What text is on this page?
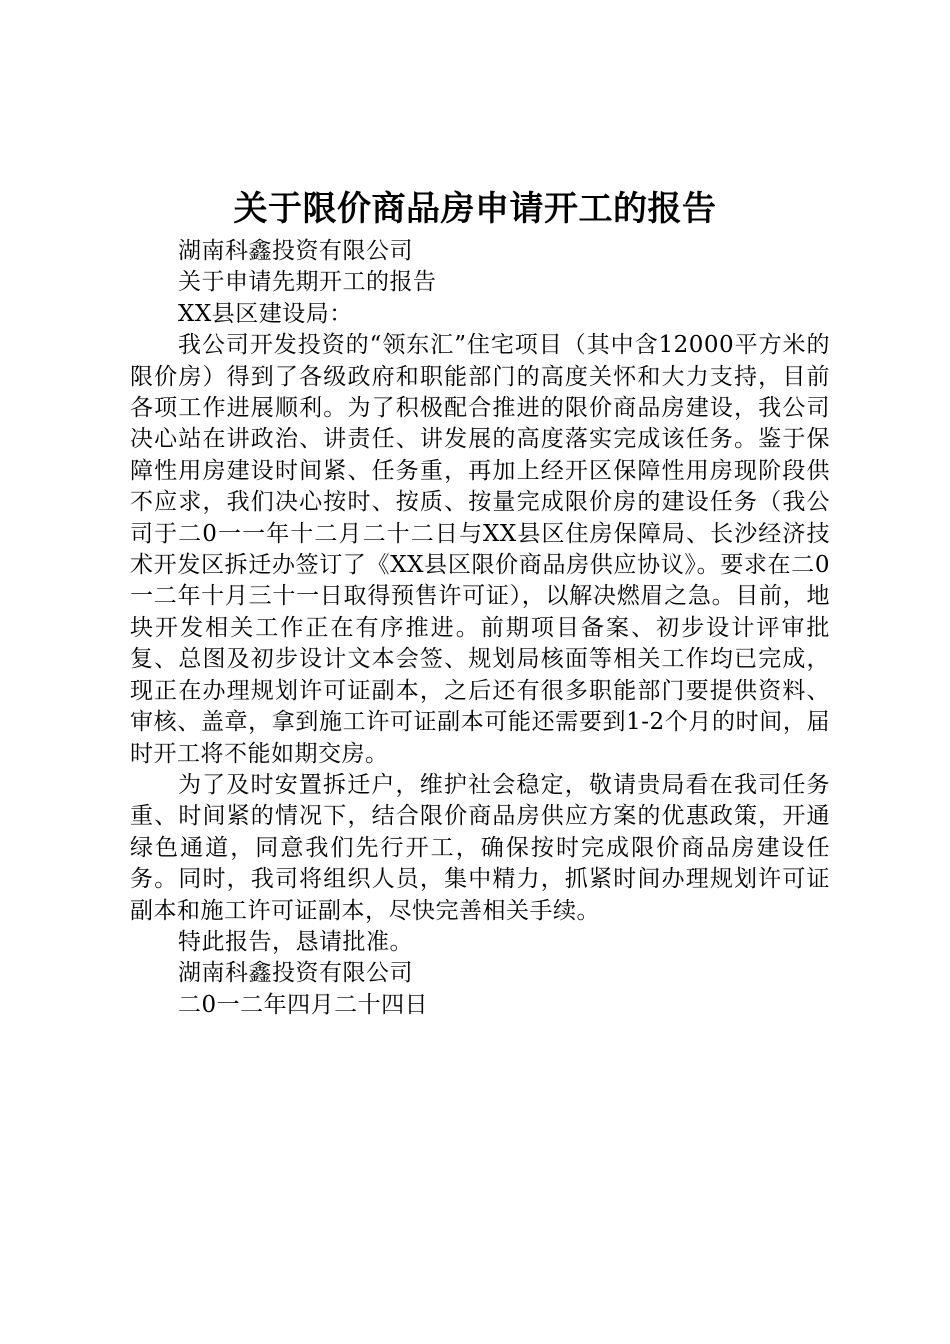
关于限价商品房申请开工的报告

湖南科鑫投资有限公司

关于申请先期开工的报告

XX县区建设局：

我公司开发投资的“领东汇”住宅项目（其中含12000平方米的限价房）得到了各级政府和职能部门的高度关怀和大力支持，目前各项工作进展顺利。为了积极配合推进的限价商品房建设，我公司决心站在讲政治、讲责任、讲发展的高度落实完成该任务。鉴于保障性用房建设时间紧、任务重，再加上经开区保障性用房现阶段供不应求，我们决心按时、按质、按量完成限价房的建设任务（我公司于二0一一年十二月二十二日与XX县区住房保障局、长沙经济技术开发区拆迁办签订了《XX县区限价商品房供应协议》。要求在二0一二年十月三十一日取得预售许可证），以解决燃眉之急。目前，地块开发相关工作正在有序推进。前期项目备案、初步设计评审批复、总图及初步设计文本会签、规划局核面等相关工作均已完成，现正在办理规划许可证副本，之后还有很多职能部门要提供资料、审核、盖章，拿到施工许可证副本可能还需要到1-2个月的时间，届时开工将不能如期交房。

为了及时安置拆迁户，维护社会稳定，敬请贵局看在我司任务重、时间紧的情况下，结合限价商品房供应方案的优惠政策，开通绿色通道，同意我们先行开工，确保按时完成限价商品房建设任务。同时，我司将组织人员，集中精力，抓紧时间办理规划许可证副本和施工许可证副本，尽快完善相关手续。

特此报告，恳请批准。

湖南科鑫投资有限公司

二0一二年四月二十四日
